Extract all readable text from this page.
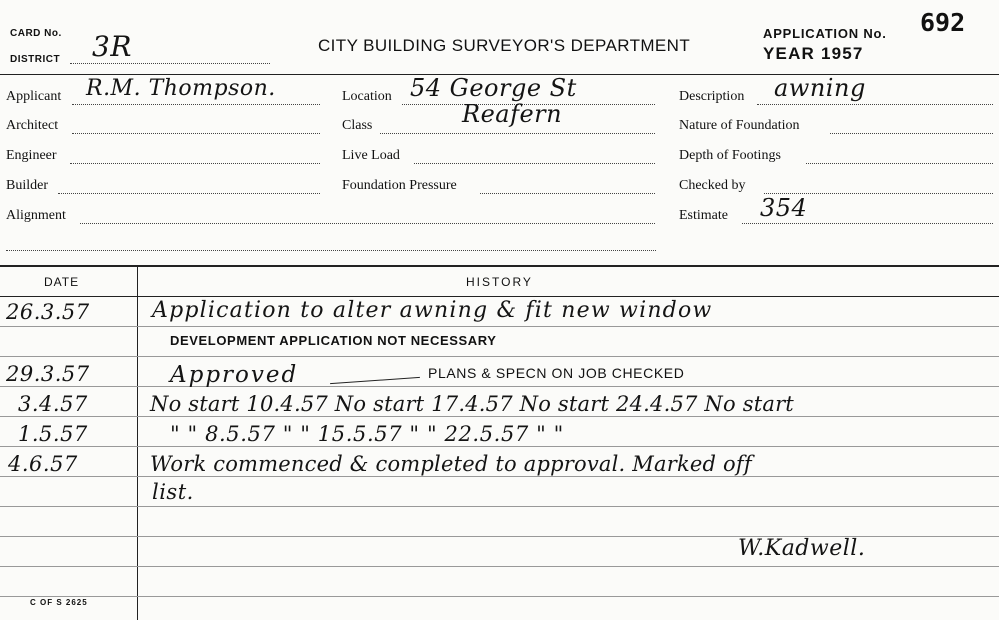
CARD No.
DISTRICT 3R	CITY BUILDING SURVEYOR'S DEPARTMENT
APPLICATION No.
YEAR 1957
692
Applicant R.M. Thompson.
Architect
Engineer
Builder
Alignment
Location 54 George St
Class	Reafern
Live Load
Foundation Pressure
Description awning
Nature of Foundation
Depth of Footings
Checked by
Estimate 354
DATE	HISTORY
26.3.57	Application to alter awning & fit new window
DEVELOPMENT APPLICATION NOT NECESSARY
29.3.57	Approved	PLANS & SPECN ON JOB CHECKED
3.4.57	No start 10.4.57 No start 17.4.57 No start 24.4.57 No start
1.5.57	" " 8.5.57 " " 15.5.57 " " 22.5.57 " "
4.6.57	Work commenced & completed to approval. Marked off
list.
W.Kadwell.
C OF S 2625
